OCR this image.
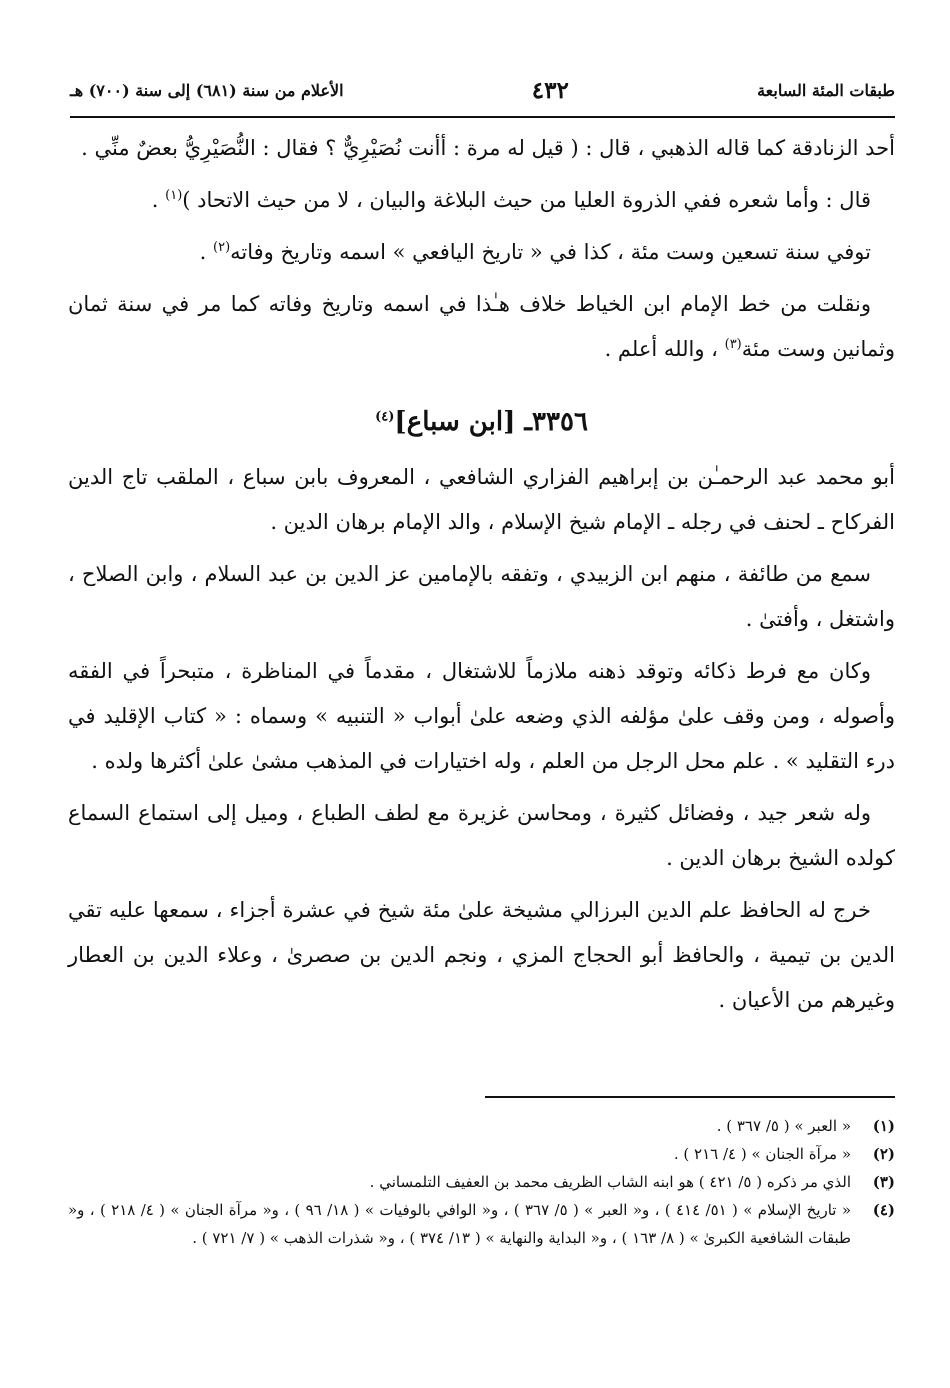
طبقات المئة السابعة
٤٣٢
الأعلام من سنة (٦٨١) إلى سنة (٧٠٠) هـ

أحد الزنادقة كما قاله الذهبي ، قال : ( قيل له مرة : أأنت نُصَيْرِيٌّ ؟ فقال : النُّصَيْرِيُّ بعضٌ منِّي .

قال : وأما شعره ففي الذروة العليا من حيث البلاغة والبيان ، لا من حيث الاتحاد )$^{(١)}$ .

توفي سنة تسعين وست مئة ، كذا في « تاريخ اليافعي » اسمه وتاريخ وفاته$^{(٢)}$ .

ونقلت من خط الإمام ابن الخياط خلاف هـٰذا في اسمه وتاريخ وفاته كما مر في سنة ثمان وثمانين وست مئة$^{(٣)}$ ، والله أعلم .

٣٣٥٦ـ [ابن سباع]$^{(٤)}$

أبو محمد عبد الرحمـٰن بن إبراهيم الفزاري الشافعي ، المعروف بابن سباع ، الملقب تاج الدين الفركاح ـ لحنف في رجله ـ الإمام شيخ الإسلام ، والد الإمام برهان الدين .

سمع من طائفة ، منهم ابن الزبيدي ، وتفقه بالإمامين عز الدين بن عبد السلام ، وابن الصلاح ، واشتغل ، وأفتىٰ .

وكان مع فرط ذكائه وتوقد ذهنه ملازماً للاشتغال ، مقدماً في المناظرة ، متبحراً في الفقه وأصوله ، ومن وقف علىٰ مؤلفه الذي وضعه علىٰ أبواب « التنبيه » وسماه : « كتاب الإقليد في درء التقليد » . علم محل الرجل من العلم ، وله اختيارات في المذهب مشىٰ علىٰ أكثرها ولده .

وله شعر جيد ، وفضائل كثيرة ، ومحاسن غزيرة مع لطف الطباع ، وميل إلى استماع السماع كولده الشيخ برهان الدين .

خرج له الحافظ علم الدين البرزالي مشيخة علىٰ مئة شيخ في عشرة أجزاء ، سمعها عليه تقي الدين بن تيمية ، والحافظ أبو الحجاج المزي ، ونجم الدين بن صصرىٰ ، وعلاء الدين بن العطار وغيرهم من الأعيان .

(١)
« العبر » ( ٥/ ٣٦٧ ) .
(٢)
« مرآة الجنان » ( ٤/ ٢١٦ ) .
(٣)
الذي مر ذكره ( ٥/ ٤٢١ ) هو ابنه الشاب الظريف محمد بن العفيف التلمساني .
(٤)
« تاريخ الإسلام » ( ٥١/ ٤١٤ ) ، و« العبر » ( ٥/ ٣٦٧ ) ، و« الوافي بالوفيات » ( ١٨/ ٩٦ ) ، و« مرآة الجنان » ( ٤/ ٢١٨ ) ، و« طبقات الشافعية الكبرىٰ » ( ٨/ ١٦٣ ) ، و« البداية والنهاية » ( ١٣/ ٣٧٤ ) ، و« شذرات الذهب » ( ٧/ ٧٢١ ) .
